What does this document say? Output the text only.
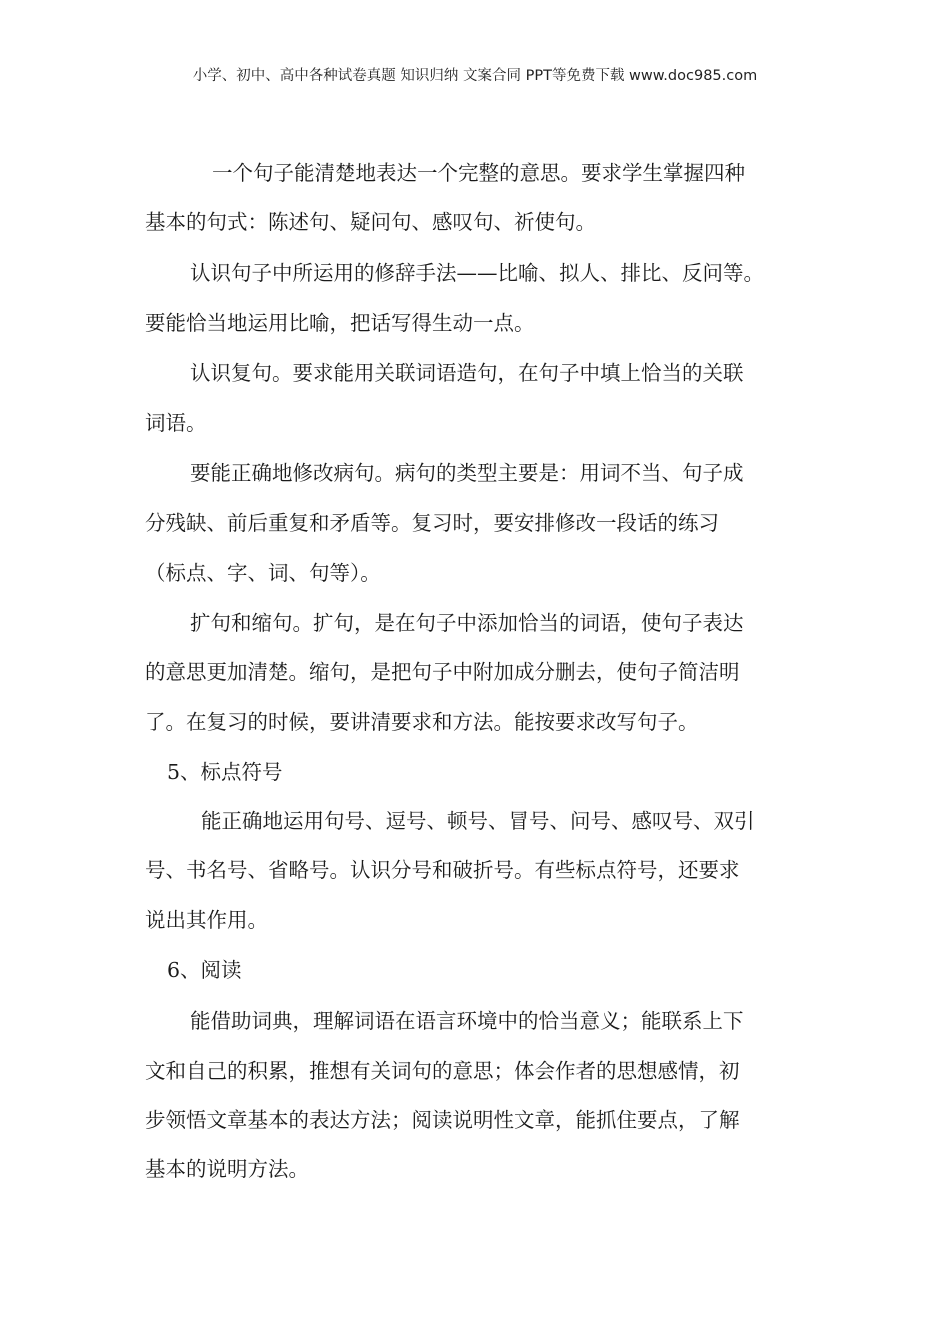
小学、初中、高中各种试卷真题 知识归纳 文案合同 PPT等免费下载 www.doc985.com
一个句子能清楚地表达一个完整的意思。要求学生掌握四种
基本的句式：陈述句、疑问句、感叹句、祈使句。
认识句子中所运用的修辞手法——比喻、拟人、排比、反问等。
要能恰当地运用比喻，把话写得生动一点。
认识复句。要求能用关联词语造句，在句子中填上恰当的关联
词语。
要能正确地修改病句。病句的类型主要是：用词不当、句子成
分残缺、前后重复和矛盾等。复习时，要安排修改一段话的练习
（标点、字、词、句等）。
扩句和缩句。扩句，是在句子中添加恰当的词语，使句子表达
的意思更加清楚。缩句，是把句子中附加成分删去，使句子简洁明
了。在复习的时候，要讲清要求和方法。能按要求改写句子。
5、标点符号
能正确地运用句号、逗号、顿号、冒号、问号、感叹号、双引
号、书名号、省略号。认识分号和破折号。有些标点符号，还要求
说出其作用。
6、阅读
能借助词典，理解词语在语言环境中的恰当意义；能联系上下
文和自己的积累，推想有关词句的意思；体会作者的思想感情，初
步领悟文章基本的表达方法；阅读说明性文章，能抓住要点，了解
基本的说明方法。
